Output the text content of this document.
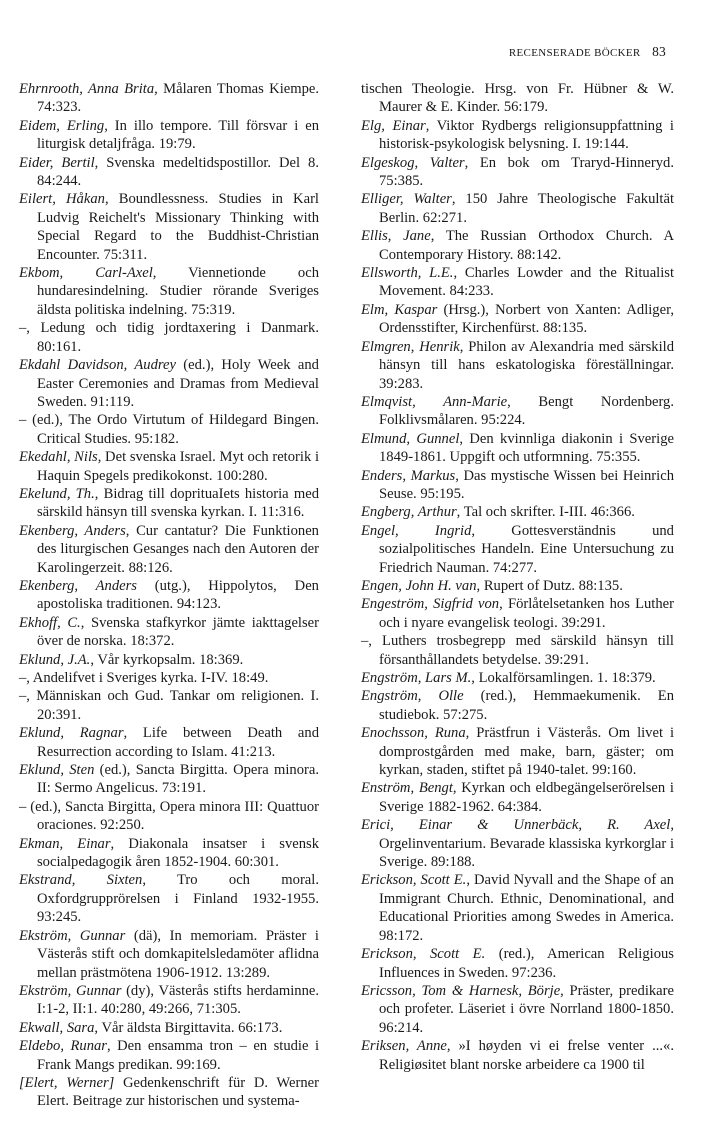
RECENSERADE BÖCKER 83

Ehrnrooth, Anna Brita, Målaren Thomas Kiempe. 74:323.

Eidem, Erling, In illo tempore. Till försvar i en liturgisk detaljfråga. 19:79.

Eider, Bertil, Svenska medeltidspostillor. Del 8. 84:244.

Eilert, Håkan, Boundlessness. Studies in Karl Ludvig Reichelt's Missionary Thinking with Special Regard to the Buddhist-Christian Encounter. 75:311.

Ekbom, Carl-Axel, Viennetionde och hundaresindelning. Studier rörande Sveriges äldsta politiska indelning. 75:319.

–, Ledung och tidig jordtaxering i Danmark. 80:161.

Ekdahl Davidson, Audrey (ed.), Holy Week and Easter Ceremonies and Dramas from Medieval Sweden. 91:119.

– (ed.), The Ordo Virtutum of Hildegard Bingen. Critical Studies. 95:182.

Ekedahl, Nils, Det svenska Israel. Myt och retorik i Haquin Spegels predikokonst. 100:280.

Ekelund, Th., Bidrag till doprituaIets historia med särskild hänsyn till svenska kyrkan. I. 11:316.

Ekenberg, Anders, Cur cantatur? Die Funktionen des liturgischen Gesanges nach den Autoren der Karolingerzeit. 88:126.

Ekenberg, Anders (utg.), Hippolytos, Den apostoliska traditionen. 94:123.

Ekhoff, C., Svenska stafkyrkor jämte iakttagelser över de norska. 18:372.

Eklund, J.A., Vår kyrkopsalm. 18:369.

–, Andelifvet i Sveriges kyrka. I-IV. 18:49.

–, Människan och Gud. Tankar om religionen. I. 20:391.

Eklund, Ragnar, Life between Death and Resurrection according to Islam. 41:213.

Eklund, Sten (ed.), Sancta Birgitta. Opera minora. II: Sermo Angelicus. 73:191.

– (ed.), Sancta Birgitta, Opera minora III: Quattuor oraciones. 92:250.

Ekman, Einar, Diakonala insatser i svensk socialpedagogik åren 1852-1904. 60:301.

Ekstrand, Sixten, Tro och moral. Oxfordgrupprörelsen i Finland 1932-1955. 93:245.

Ekström, Gunnar (dä), In memoriam. Präster i Västerås stift och domkapitelsledamöter aflidna mellan prästmötena 1906-1912. 13:289.

Ekström, Gunnar (dy), Västerås stifts herdaminne. I:1-2, II:1. 40:280, 49:266, 71:305.

Ekwall, Sara, Vår äldsta Birgittavita. 66:173.

Eldebo, Runar, Den ensamma tron – en studie i Frank Mangs predikan. 99:169.

[Elert, Werner] Gedenkenschrift für D. Werner Elert. Beitrage zur historischen und systema-

tischen Theologie. Hrsg. von Fr. Hübner & W. Maurer & E. Kinder. 56:179.

Elg, Einar, Viktor Rydbergs religionsuppfattning i historisk-psykologisk belysning. I. 19:144.

Elgeskog, Valter, En bok om Traryd-Hinneryd. 75:385.

Elliger, Walter, 150 Jahre Theologische Fakultät Berlin. 62:271.

Ellis, Jane, The Russian Orthodox Church. A Contemporary History. 88:142.

Ellsworth, L.E., Charles Lowder and the Ritualist Movement. 84:233.

Elm, Kaspar (Hrsg.), Norbert von Xanten: Adliger, Ordensstifter, Kirchenfürst. 88:135.

Elmgren, Henrik, Philon av Alexandria med särskild hänsyn till hans eskatologiska föreställningar. 39:283.

Elmqvist, Ann-Marie, Bengt Nordenberg. Folklivsmålaren. 95:224.

Elmund, Gunnel, Den kvinnliga diakonin i Sverige 1849-1861. Uppgift och utformning. 75:355.

Enders, Markus, Das mystische Wissen bei Heinrich Seuse. 95:195.

Engberg, Arthur, Tal och skrifter. I-III. 46:366.

Engel, Ingrid, Gottesverständnis und sozialpolitisches Handeln. Eine Untersuchung zu Friedrich Nauman. 74:277.

Engen, John H. van, Rupert of Dutz. 88:135.

Engeström, Sigfrid von, Förlåtelsetanken hos Luther och i nyare evangelisk teologi. 39:291.

–, Luthers trosbegrepp med särskild hänsyn till försanthållandets betydelse. 39:291.

Engström, Lars M., Lokalförsamlingen. 1. 18:379.

Engström, Olle (red.), Hemmaekumenik. En studiebok. 57:275.

Enochsson, Runa, Prästfrun i Västerås. Om livet i domprostgården med make, barn, gäster; om kyrkan, staden, stiftet på 1940-talet. 99:160.

Enström, Bengt, Kyrkan och eldbegängelserörelsen i Sverige 1882-1962. 64:384.

Erici, Einar & Unnerbäck, R. Axel, Orgelinventarium. Bevarade klassiska kyrkorglar i Sverige. 89:188.

Erickson, Scott E., David Nyvall and the Shape of an Immigrant Church. Ethnic, Denominational, and Educational Priorities among Swedes in America. 98:172.

Erickson, Scott E. (red.), American Religious Influences in Sweden. 97:236.

Ericsson, Tom & Harnesk, Börje, Präster, predikare och profeter. Läseriet i övre Norrland 1800-1850. 96:214.

Eriksen, Anne, »I høyden vi ei frelse venter ...«. Religiøsitet blant norske arbeidere ca 1900 til
